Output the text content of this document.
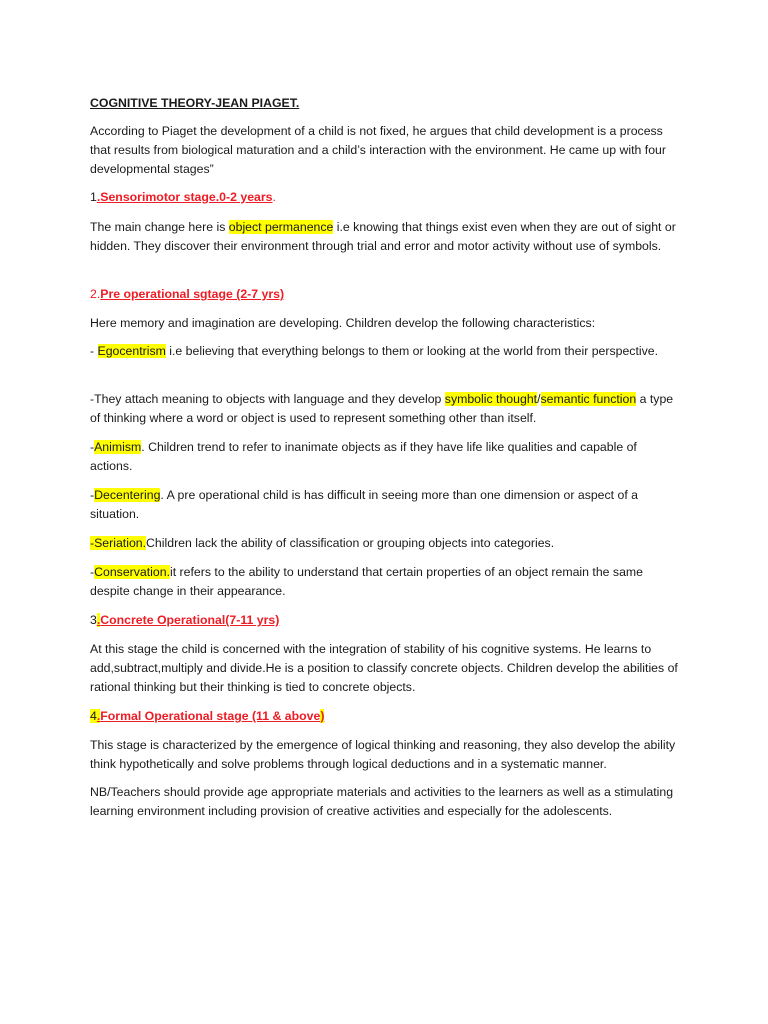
COGNITIVE THEORY-JEAN PIAGET.

According to Piaget the development of a child is not fixed, he argues that child development is a process that results from biological maturation and a child’s interaction with the environment. He came up with four developmental stages”

1.Sensorimotor stage.0-2 years.

The main change here is object permanence i.e knowing that things exist even when they are out of sight or hidden. They discover their environment through trial and error and motor activity without use of symbols.

2.Pre operational sgtage (2-7 yrs)

Here memory and imagination are developing. Children develop the following characteristics:

- Egocentrism i.e believing that everything belongs to them or looking at the world from their perspective.

-They attach meaning to objects with language and they develop symbolic thought/semantic function a type of thinking where a word or object is used to represent something other than itself.

-Animism. Children trend to refer to inanimate objects as if they have life like qualities and capable of actions.

-Decentering. A pre operational child is has difficult in seeing more than one dimension or aspect of a situation.

-Seriation.Children lack the ability of classification or grouping objects into categories.

-Conservation.it refers to the ability to understand that certain properties of an object remain the same despite change in their appearance.

3.Concrete Operational(7-11 yrs)

At this stage the child is concerned with the integration of stability of his cognitive systems. He learns to add,subtract,multiply and divide.He is a position to classify concrete objects. Children develop the abilities of rational thinking but their thinking is tied to concrete objects.

4.Formal Operational stage (11 & above)

This stage is characterized by the emergence of logical thinking and reasoning, they also develop the ability think hypothetically and solve problems through logical deductions and in a systematic manner.

NB/Teachers should provide age appropriate materials and activities to the learners as well as a stimulating learning environment including provision of creative activities and especially for the adolescents.
